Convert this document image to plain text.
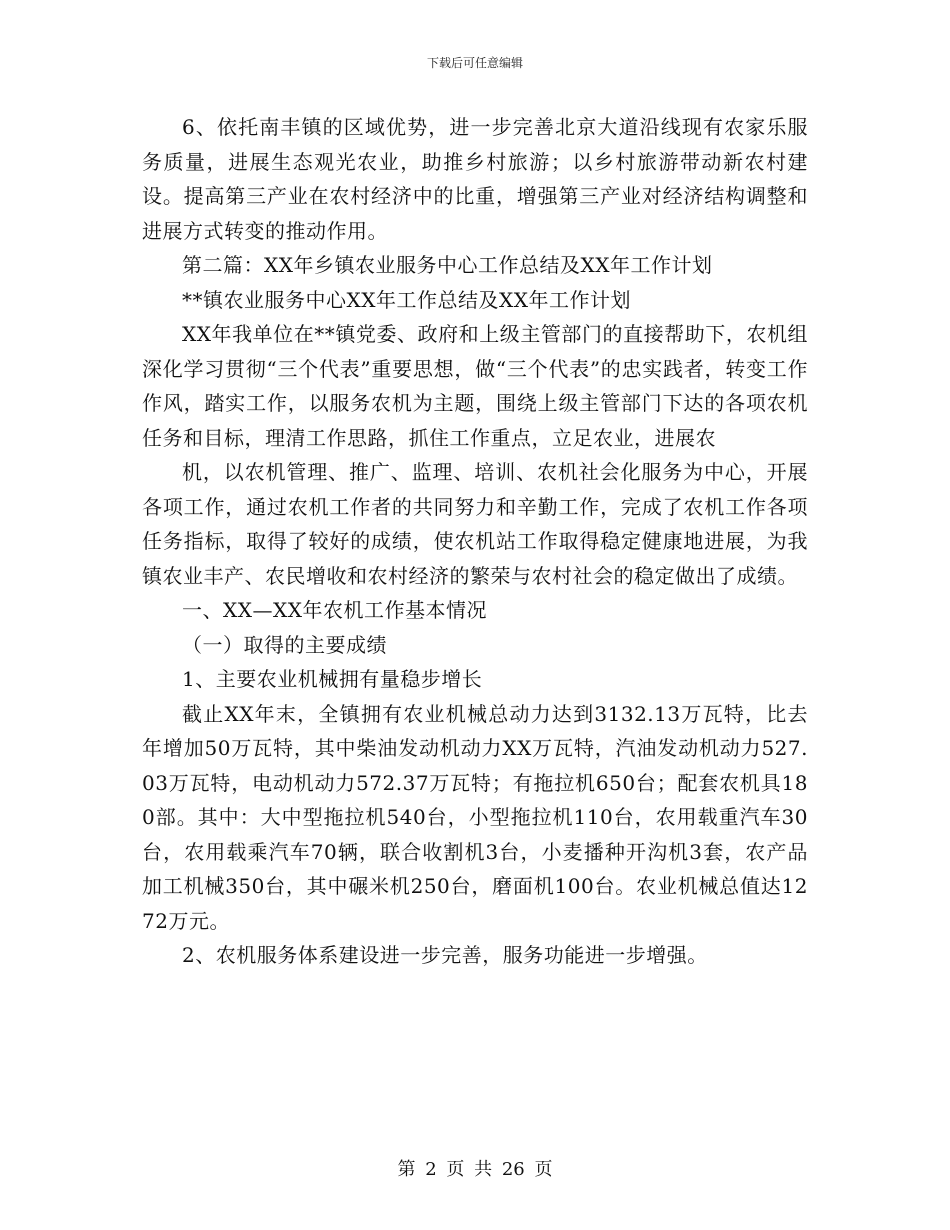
下载后可任意编辑

6、依托南丰镇的区域优势，进一步完善北京大道沿线现有农家乐服务质量，进展生态观光农业，助推乡村旅游；以乡村旅游带动新农村建设。提高第三产业在农村经济中的比重，增强第三产业对经济结构调整和进展方式转变的推动作用。

第二篇：XX年乡镇农业服务中心工作总结及XX年工作计划

**镇农业服务中心XX年工作总结及XX年工作计划

XX年我单位在**镇党委、政府和上级主管部门的直接帮助下，农机组深化学习贯彻“三个代表”重要思想，做“三个代表”的忠实践者，转变工作作风，踏实工作，以服务农机为主题，围绕上级主管部门下达的各项农机任务和目标，理清工作思路，抓住工作重点，立足农业，进展农

机，以农机管理、推广、监理、培训、农机社会化服务为中心，开展各项工作，通过农机工作者的共同努力和辛勤工作，完成了农机工作各项任务指标，取得了较好的成绩，使农机站工作取得稳定健康地进展，为我镇农业丰产、农民增收和农村经济的繁荣与农村社会的稳定做出了成绩。

一、XX—XX年农机工作基本情况

（一）取得的主要成绩

1、主要农业机械拥有量稳步增长

截止XX年末，全镇拥有农业机械总动力达到3132.13万瓦特，比去年增加50万瓦特，其中柴油发动机动力XX万瓦特，汽油发动机动力527.03万瓦特，电动机动力572.37万瓦特；有拖拉机650台；配套农机具180部。其中：大中型拖拉机540台，小型拖拉机110台，农用载重汽车30台，农用载乘汽车70辆，联合收割机3台，小麦播种开沟机3套，农产品加工机械350台，其中碾米机250台，磨面机100台。农业机械总值达1272万元。

2、农机服务体系建设进一步完善，服务功能进一步增强。

第 2 页 共 26 页
